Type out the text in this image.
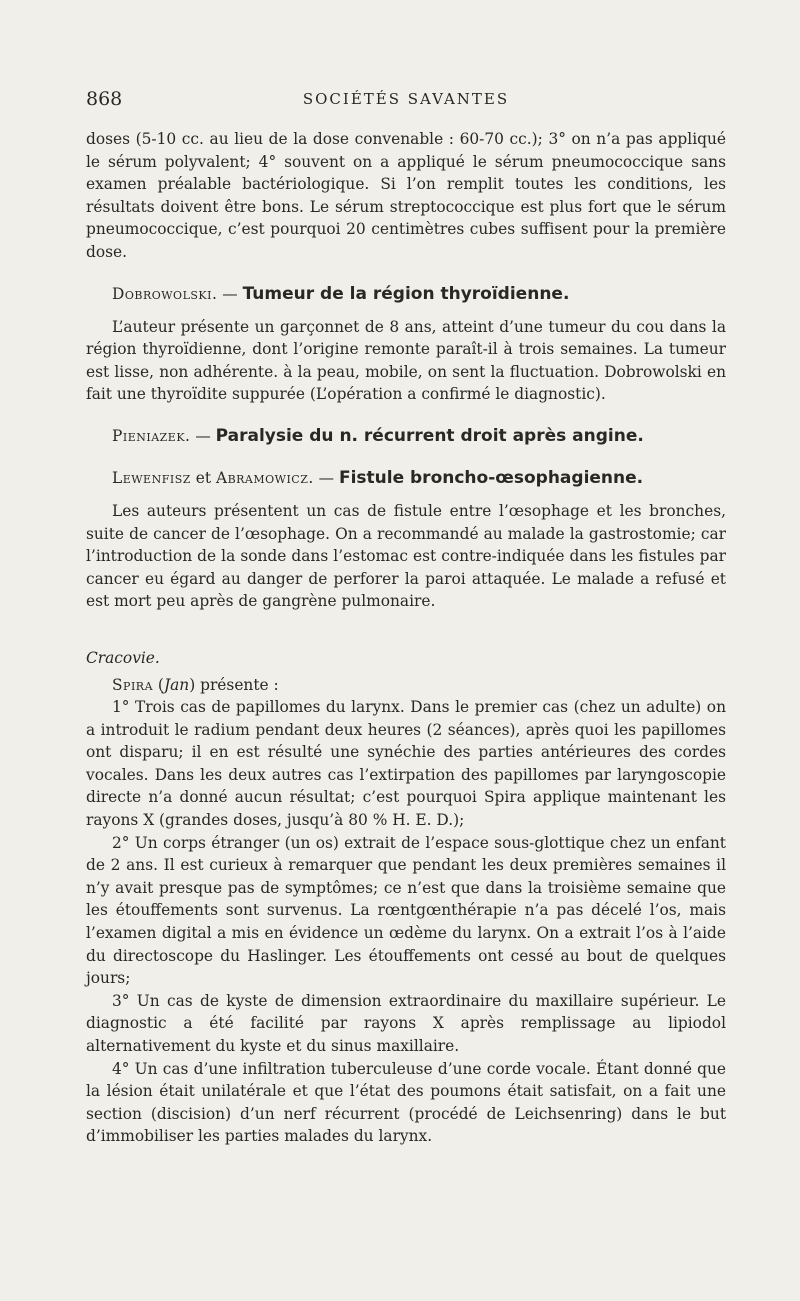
868	SOCIÉTÉS SAVANTES

doses (5-10 cc. au lieu de la dose convenable : 60-70 cc.); 3° on n’a pas appliqué le sérum polyvalent; 4° souvent on a appliqué le sérum pneumococcique sans examen préalable bactériologique. Si l’on remplit toutes les conditions, les résultats doivent être bons. Le sérum streptococcique est plus fort que le sérum pneumococcique, c’est pourquoi 20 centimètres cubes suffisent pour la première dose.

Dobrowolski. — Tumeur de la région thyroïdienne.

L’auteur présente un garçonnet de 8 ans, atteint d’une tumeur du cou dans la région thyroïdienne, dont l’origine remonte paraît-il à trois semaines. La tumeur est lisse, non adhérente. à la peau, mobile, on sent la fluctuation. Dobrowolski en fait une thyroïdite suppurée (L’opération a confirmé le diagnostic).

Pieniazek. — Paralysie du n. récurrent droit après angine.

Lewenfisz et Abramowicz. — Fistule broncho-œsophagienne.

Les auteurs présentent un cas de fistule entre l’œsophage et les bronches, suite de cancer de l’œsophage. On a recommandé au malade la gastrostomie; car l’introduction de la sonde dans l’estomac est contre-indiquée dans les fistules par cancer eu égard au danger de perforer la paroi attaquée. Le malade a refusé et est mort peu après de gangrène pulmonaire.

Cracovie.

Spira (Jan) présente :

1° Trois cas de papillomes du larynx. Dans le premier cas (chez un adulte) on a introduit le radium pendant deux heures (2 séances), après quoi les papillomes ont disparu; il en est résulté une synéchie des parties antérieures des cordes vocales. Dans les deux autres cas l’extirpation des papillomes par laryngoscopie directe n’a donné aucun résultat; c’est pourquoi Spira applique maintenant les rayons X (grandes doses, jusqu’à 80 % H. E. D.);

2° Un corps étranger (un os) extrait de l’espace sous-glottique chez un enfant de 2 ans. Il est curieux à remarquer que pendant les deux premières semaines il n’y avait presque pas de symptômes; ce n’est que dans la troisième semaine que les étouffements sont survenus. La rœntgœnthérapie n’a pas décelé l’os, mais l’examen digital a mis en évidence un œdème du larynx. On a extrait l’os à l’aide du directoscope du Haslinger. Les étouffements ont cessé au bout de quelques jours;

3° Un cas de kyste de dimension extraordinaire du maxillaire supérieur. Le diagnostic a été facilité par rayons X après remplissage au lipiodol alternativement du kyste et du sinus maxillaire.

4° Un cas d’une infiltration tuberculeuse d’une corde vocale. Étant donné que la lésion était unilatérale et que l’état des poumons était satisfait, on a fait une section (discision) d’un nerf récurrent (procédé de Leichsenring) dans le but d’immobiliser les parties malades du larynx.
